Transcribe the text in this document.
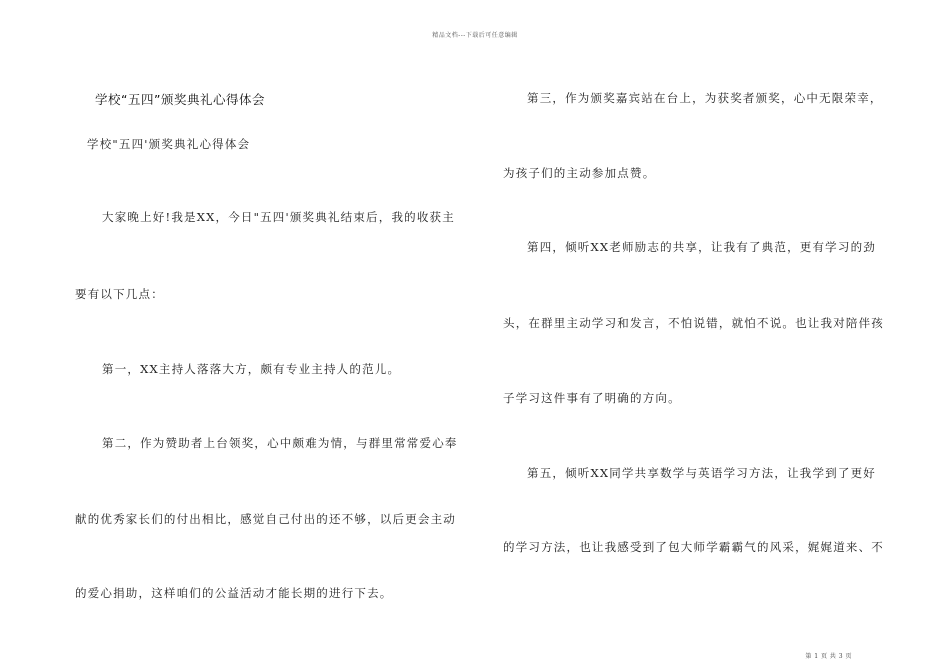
精品文档---下载后可任意编辑
学校“五四”颁奖典礼心得体会
学校"五四'颁奖典礼心得体会
大家晚上好!我是XX，今日"五四'颁奖典礼结束后，我的收获主
要有以下几点：
第一，XX主持人落落大方，颇有专业主持人的范儿。
第二，作为赞助者上台领奖，心中颇难为情，与群里常常爱心奉
献的优秀家长们的付出相比，感觉自己付出的还不够，以后更会主动
的爱心捐助，这样咱们的公益活动才能长期的进行下去。
第三，作为颁奖嘉宾站在台上，为获奖者颁奖，心中无限荣幸，
为孩子们的主动参加点赞。
第四，倾听XX老师励志的共享，让我有了典范，更有学习的劲
头，在群里主动学习和发言，不怕说错，就怕不说。也让我对陪伴孩
子学习这件事有了明确的方向。
第五，倾听XX同学共享数学与英语学习方法，让我学到了更好
的学习方法，也让我感受到了包大师学霸霸气的风采，娓娓道来、不
第 1 页 共 3 页
